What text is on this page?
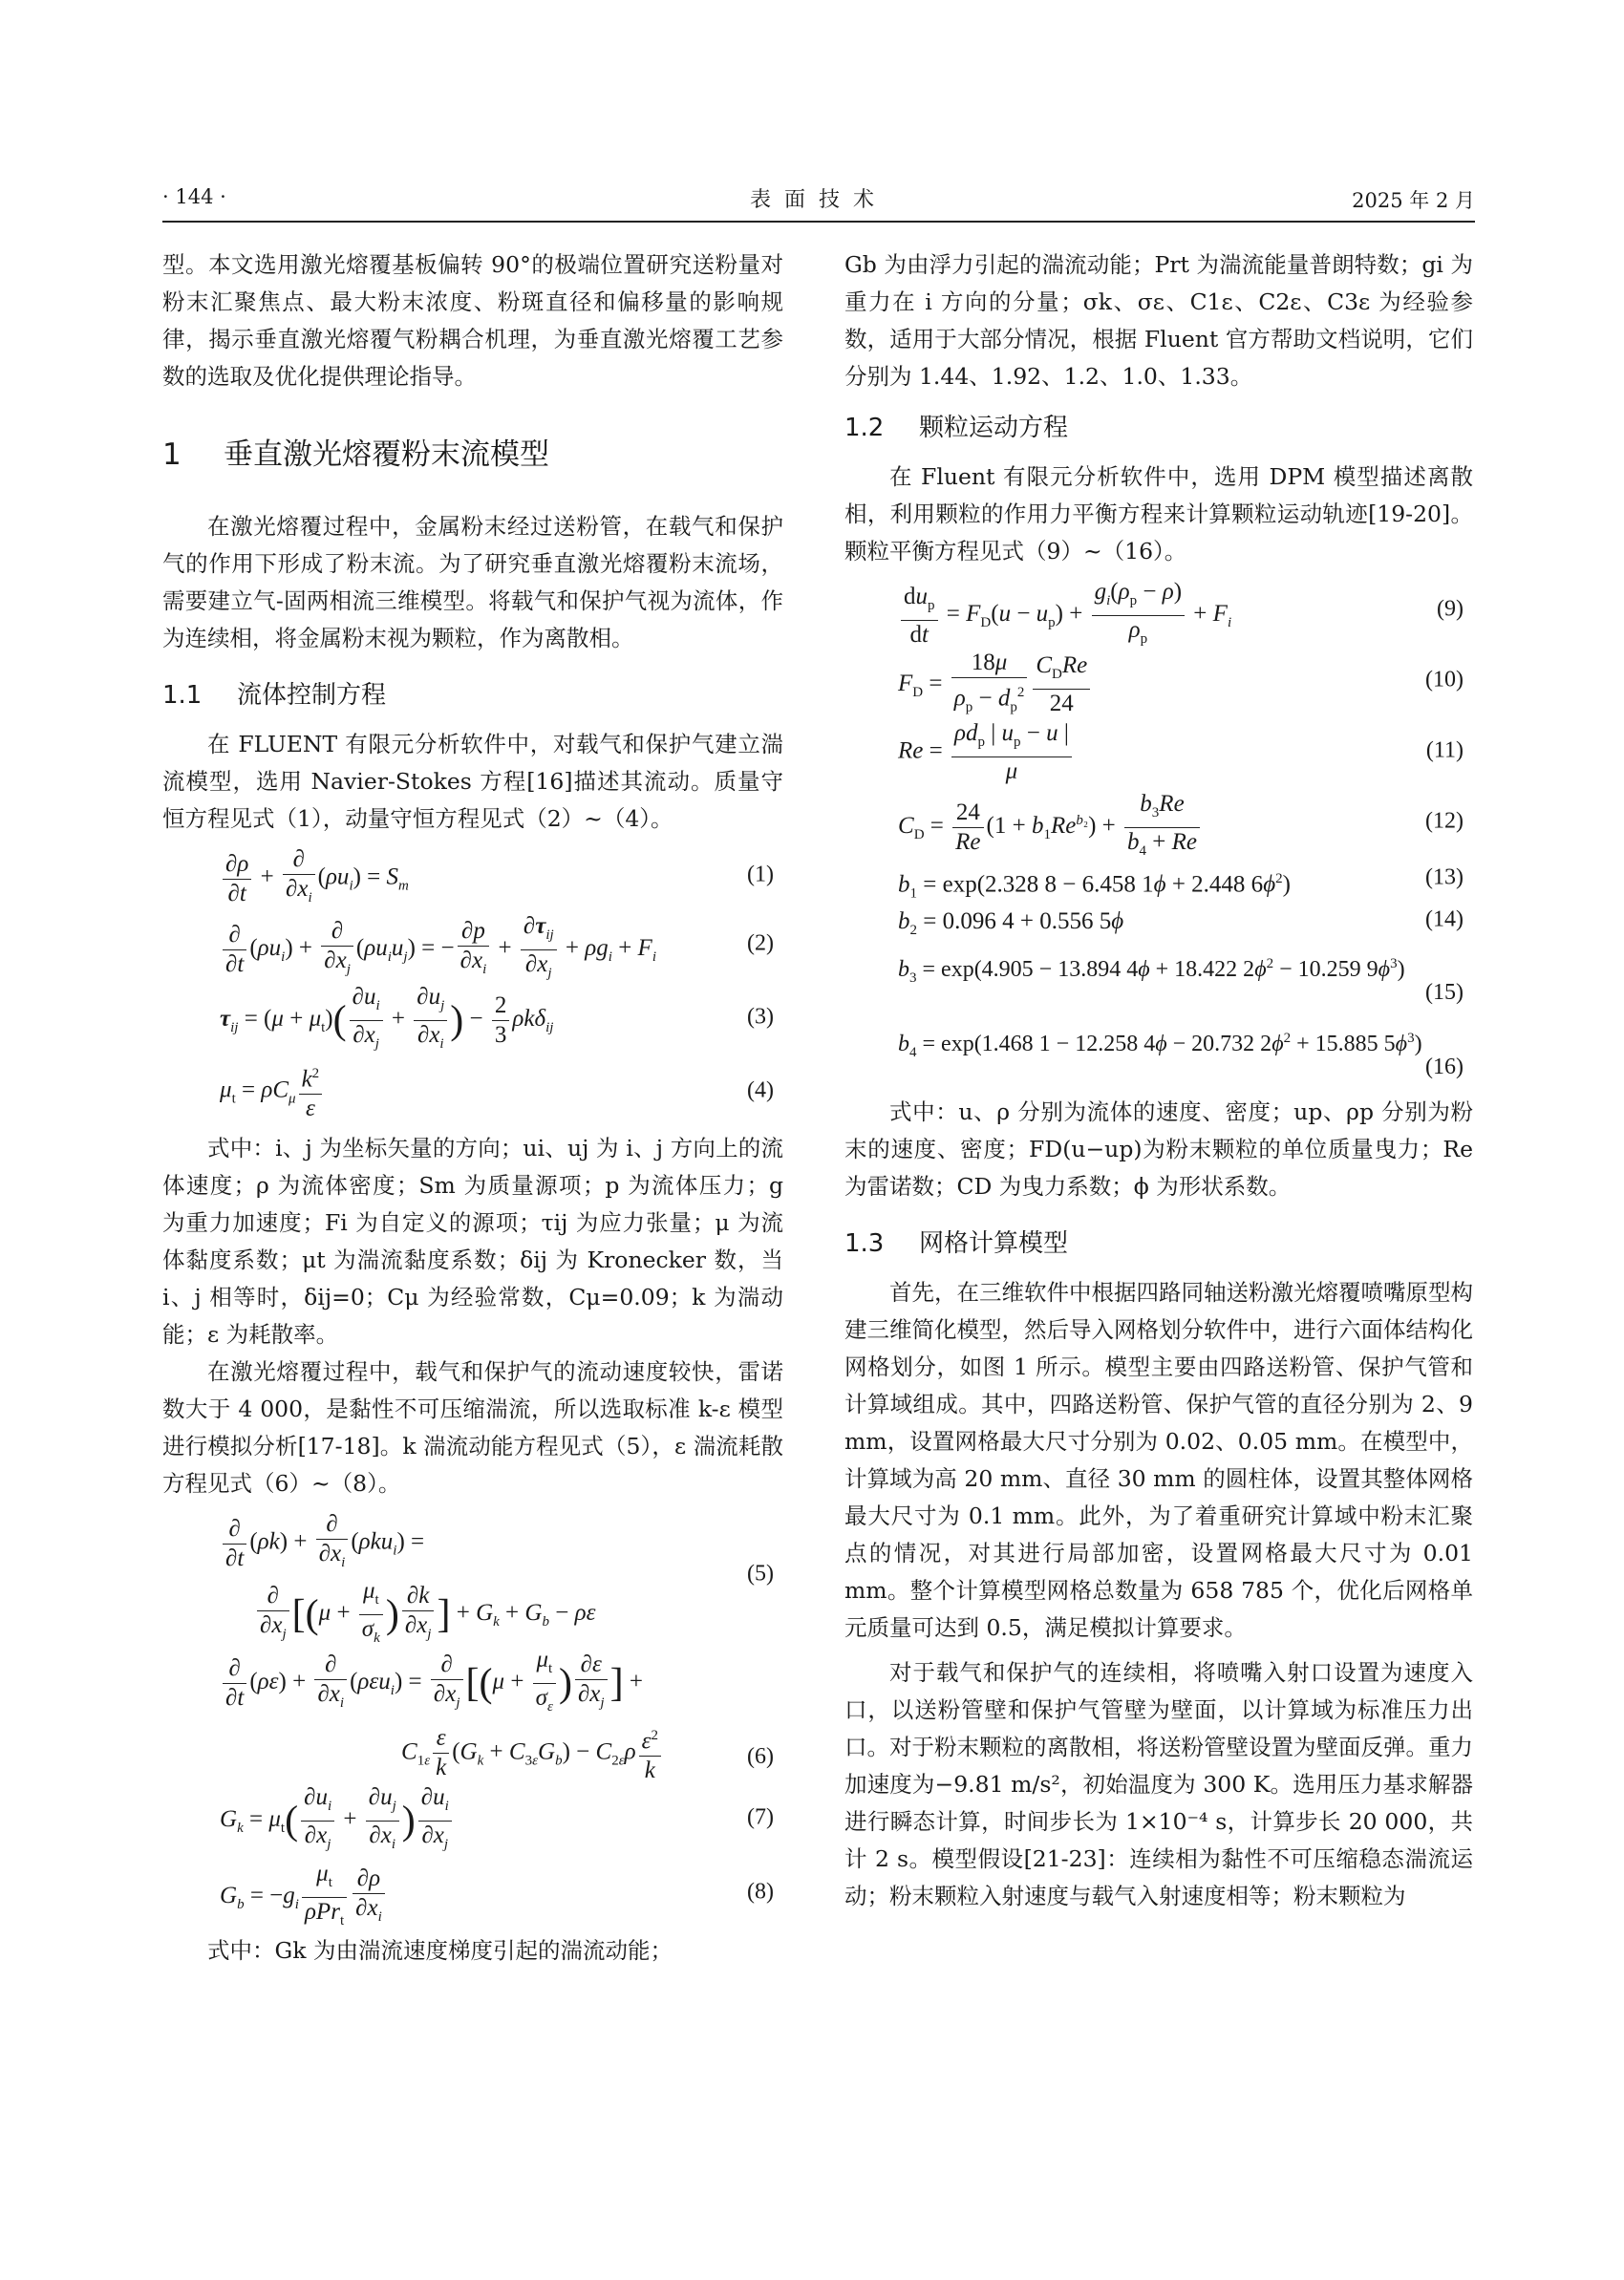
· 144 ·	表面技术	2025 年 2 月

型。本文选用激光熔覆基板偏转 90°的极端位置研究送粉量对粉末汇聚焦点、最大粉末浓度、粉斑直径和偏移量的影响规律，揭示垂直激光熔覆气粉耦合机理，为垂直激光熔覆工艺参数的选取及优化提供理论指导。

1 垂直激光熔覆粉末流模型

在激光熔覆过程中，金属粉末经过送粉管，在载气和保护气的作用下形成了粉末流。为了研究垂直激光熔覆粉末流场，需要建立气-固两相流三维模型。将载气和保护气视为流体，作为连续相，将金属粉末视为颗粒，作为离散相。

1.1 流体控制方程

在 FLUENT 有限元分析软件中，对载气和保护气建立湍流模型，选用 Navier-Stokes 方程[16]描述其流动。质量守恒方程见式（1），动量守恒方程见式（2）~（4）。

$\frac{\partial\rho}{\partial t} + \frac{\partial}{\partial x_i} (\rho u_i) = S_m$	(1)
$\frac{\partial}{\partial t} (\rho u_i) + \frac{\partial}{\partial x_j} (\rho u_iu_j)$ = − $\frac{\partial p}{\partial x_i} + \frac{\partial\tau_{ij}}{\partial x_j} + \rho g_i + F_i$
(2)
$\tau_{ij} = (\mu + \mu_t)( \frac{\partial u_i}{\partial x_j} + \frac{\partial u_j}{\partial x_i}$ ) − $\frac{2}{3} \rho k\delta_{ij}$	(3)
$\mu_t = \rho C_\mu \frac{k^2}{\varepsilon}$	(4)

式中：i、j 为坐标矢量的方向；ui、uj 为 i、j 方向上的流体速度；ρ 为流体密度；Sm 为质量源项；p 为流体压力；g 为重力加速度；Fi 为自定义的源项；τij 为应力张量；μ 为流体黏度系数；μt 为湍流黏度系数；δij 为 Kronecker 数，当 i、j 相等时，δij=0；Cμ 为经验常数，Cμ=0.09；k 为湍动能；ε 为耗散率。

在激光熔覆过程中，载气和保护气的流动速度较快，雷诺数大于 4 000，是黏性不可压缩湍流，所以选取标准 k-ε 模型进行模拟分析[17-18]。k 湍流动能方程见式（5），ε 湍流耗散方程见式（6）~（8）。

$\frac{\partial}{\partial t} (\rho k) + \frac{\partial}{\partial x_i} (\rho ku_i)$ =
$\frac{\partial}{\partial x_j} [(\mu + \frac{\mu_t}{\sigma_k}$ ) $\frac{\partial k}{\partial x_j}$ ] + $G_k + G_b - \rho\varepsilon$
(5)
$\frac{\partial}{\partial t} (\rho\varepsilon) + \frac{\partial}{\partial x_i} (\rho\varepsilon u_i) = \frac{\partial}{\partial x_j} [(\mu + \frac{\mu_t}{\sigma_\varepsilon}$ ) $\frac{\partial\varepsilon}{\partial x_j}$ ] +
$C_{1\varepsilon} \frac{\varepsilon}{k} (G_k + C_{3\varepsilon}G_b) - C_{2\varepsilon}\rho \frac{\varepsilon^2}{k}$	(6)
$G_k = \mu_t( \frac{\partial u_i}{\partial x_j} + \frac{\partial u_j}{\partial x_i}$ ) $\frac{\partial u_i}{\partial x_j}$	(7)
$G_b = -g_i \frac{\mu_t}{\rho Pr_t} \frac{\partial\rho}{\partial x_i}$	(8)

式中：Gk 为由湍流速度梯度引起的湍流动能；

Gb 为由浮力引起的湍流动能；Prt 为湍流能量普朗特数；gi 为重力在 i 方向的分量；σk、σε、C1ε、C2ε、C3ε 为经验参数，适用于大部分情况，根据 Fluent 官方帮助文档说明，它们分别为 1.44、1.92、1.2、1.0、1.33。

1.2 颗粒运动方程

在 Fluent 有限元分析软件中，选用 DPM 模型描述离散相，利用颗粒的作用力平衡方程来计算颗粒运动轨迹[19-20]。颗粒平衡方程见式（9）~（16）。

$\frac{du_p}{dt} = F_D(u - u_p) + \frac{g_i(\rho_p - \rho)}{\rho_p} + F_i$
(9)
$F_D = \frac{18\mu}{\rho_p - d_p^2} \frac{C_DRe}{24}$	(10)
$Re = \frac{\rho d_p | u_p - u |}{\mu}$	(11)
$C_D = \frac{24}{Re} (1 + b_1Re^{b_2}) + \frac{b_3Re}{b_4 + Re}$	(12)
$b_1 = \exp(2.328$ 8 − 6.458 1ϕ + 2.448 $6\phi^2$)	(13)
$b_2 = 0.096$ 4 + 0.556 5ϕ	(14)
$b_3 = \exp(4.905 - 13.894$ 4ϕ + 18.422 $2\phi^2 - 10.259$ $9\phi^3$)
(15)
$b_4 = \exp(1.468$ 1 − 12.258 4ϕ − 20.732 $2\phi^2 + 15.885$ $5\phi^3$)
(16)

式中：u、ρ 分别为流体的速度、密度；up、ρp 分别为粉末的速度、密度；FD(u−up)为粉末颗粒的单位质量曳力；Re 为雷诺数；CD 为曳力系数；ϕ 为形状系数。

1.3 网格计算模型

首先，在三维软件中根据四路同轴送粉激光熔覆喷嘴原型构建三维简化模型，然后导入网格划分软件中，进行六面体结构化网格划分，如图 1 所示。模型主要由四路送粉管、保护气管和计算域组成。其中，四路送粉管、保护气管的直径分别为 2、9 mm，设置网格最大尺寸分别为 0.02、0.05 mm。在模型中，计算域为高 20 mm、直径 30 mm 的圆柱体，设置其整体网格最大尺寸为 0.1 mm。此外，为了着重研究计算域中粉末汇聚点的情况，对其进行局部加密，设置网格最大尺寸为 0.01 mm。整个计算模型网格总数量为 658 785 个，优化后网格单元质量可达到 0.5，满足模拟计算要求。

对于载气和保护气的连续相，将喷嘴入射口设置为速度入口，以送粉管壁和保护气管壁为壁面，以计算域为标准压力出口。对于粉末颗粒的离散相，将送粉管壁设置为壁面反弹。重力加速度为−9.81 m/s²，初始温度为 300 K。选用压力基求解器进行瞬态计算，时间步长为 1×10⁻⁴ s，计算步长 20 000，共计 2 s。模型假设[21-23]：连续相为黏性不可压缩稳态湍流运动；粉末颗粒入射速度与载气入射速度相等；粉末颗粒为
